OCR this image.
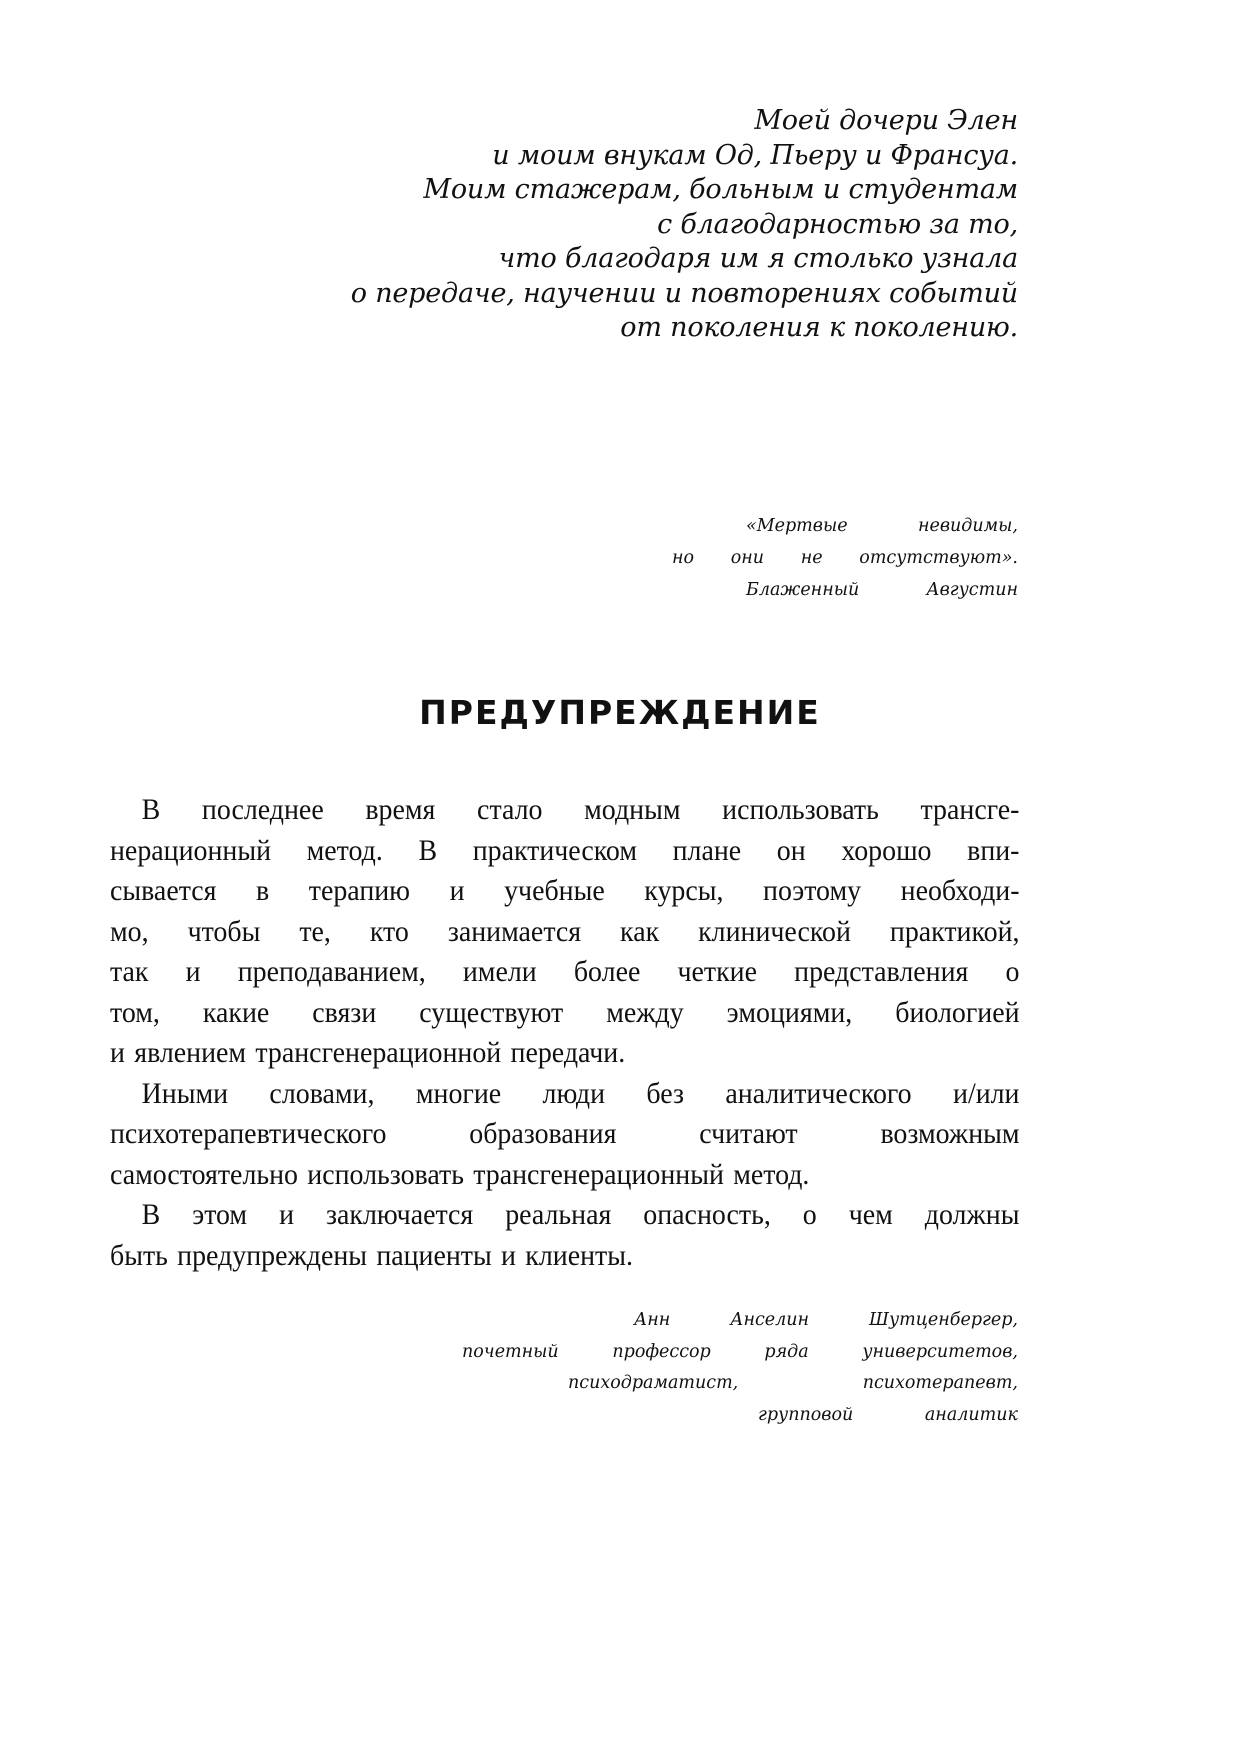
Моей дочери Элен
и моим внукам Од, Пьеру и Франсуа.
Моим стажерам, больным и студентам
с благодарностью за то,
что благодаря им я столько узнала
о передаче, научении и повторениях событий
от поколения к поколению.
«Мертвые	невидимы,
но они не отсутствуют».
Блаженный	Августин
ПРЕДУПРЕЖДЕНИЕ
В последнее время стало модным использовать трансге-
нерационный метод. В практическом плане он хорошо впи-
сывается в терапию и учебные курсы, поэтому необходи-
мо, чтобы те, кто занимается как клинической практикой,
так и преподаванием, имели более четкие представления о
том, какие связи существуют между эмоциями, биологией
и явлением трансгенерационной передачи.
Иными словами, многие люди без аналитического и/или
психотерапевтического	образования	считают	возможным
самостоятельно использовать трансгенерационный метод.
В этом и заключается реальная опасность, о чем должны
быть предупреждены пациенты и клиенты.
Анн	Анселин	Шутценбергер,
почетный	профессор	ряда	университетов,
психодраматист,	психотерапевт,
групповой	аналитик
